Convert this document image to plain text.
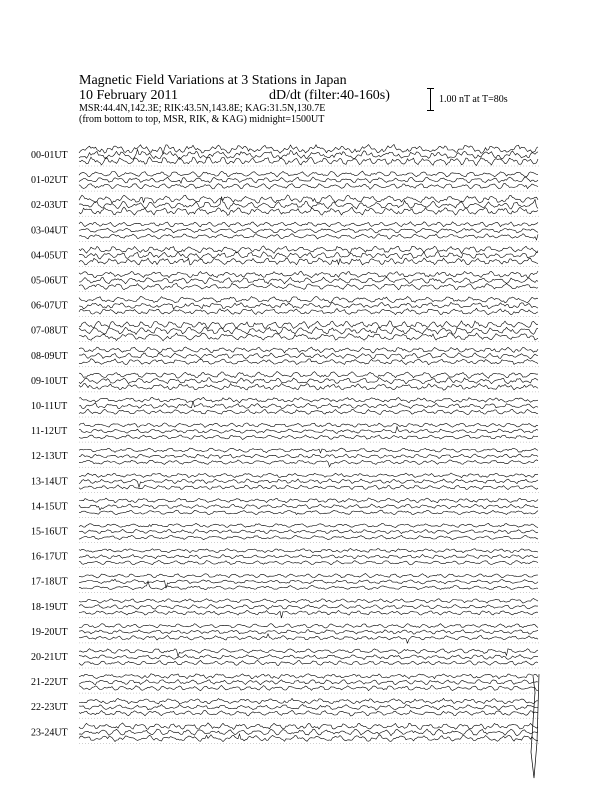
Magnetic Field Variations at 3 Stations in Japan
10 February 2011	dD/dt (filter:40-160s)
MSR:44.4N,142.3E; RIK:43.5N,143.8E; KAG:31.5N,130.7E
(from bottom to top, MSR, RIK, & KAG) midnight=1500UT
1.00 nT at T=80s
00-01UT
01-02UT
02-03UT
03-04UT
04-05UT
05-06UT
06-07UT
07-08UT
08-09UT
09-10UT
10-11UT
11-12UT
12-13UT
13-14UT
14-15UT
15-16UT
16-17UT
17-18UT
18-19UT
19-20UT
20-21UT
21-22UT
22-23UT
23-24UT
